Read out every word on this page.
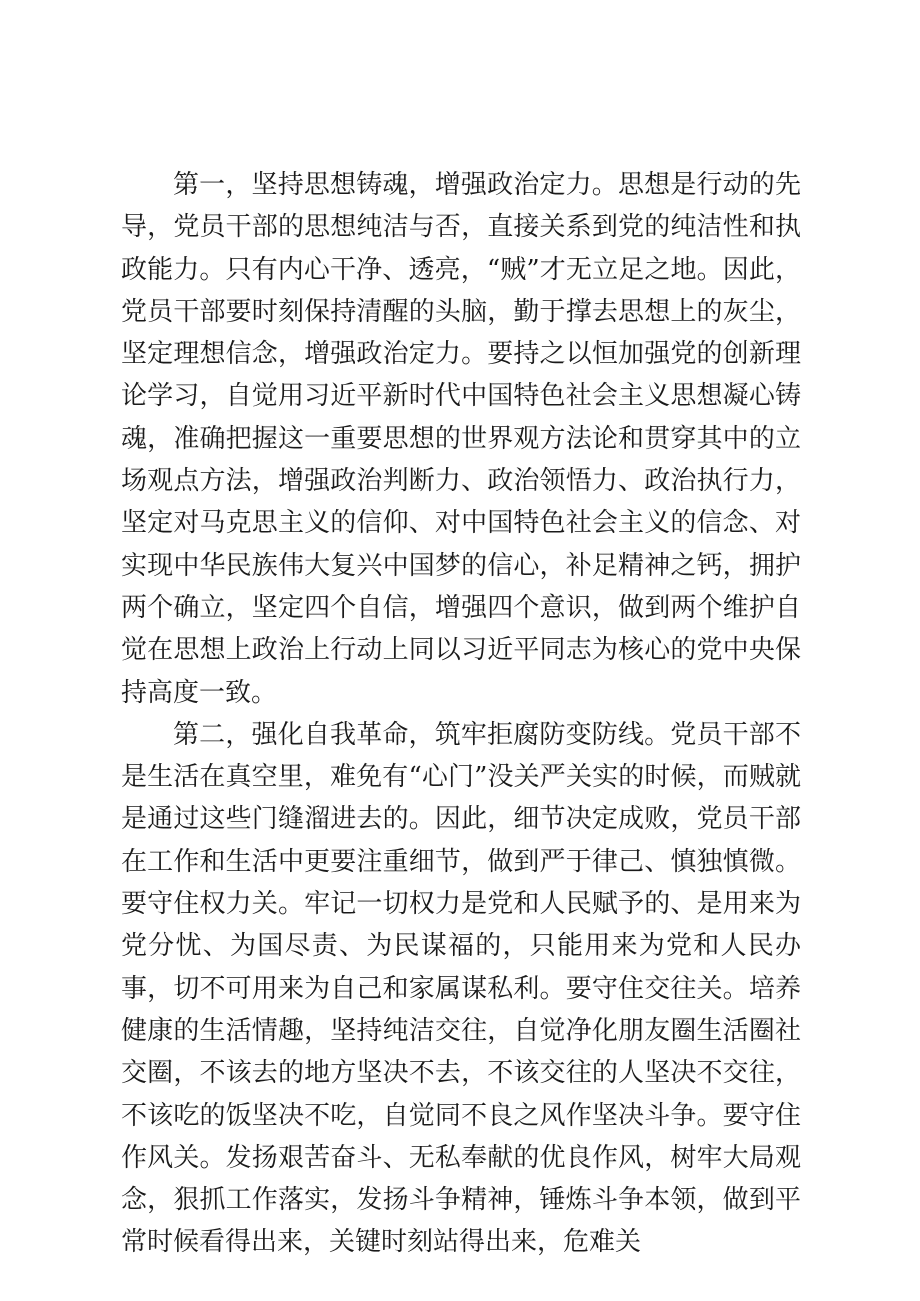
第一，坚持思想铸魂，增强政治定力。思想是行动的先导，党员干部的思想纯洁与否，直接关系到党的纯洁性和执政能力。只有内心干净、透亮，“贼”才无立足之地。因此，党员干部要时刻保持清醒的头脑，勤于撑去思想上的灰尘，坚定理想信念，增强政治定力。要持之以恒加强党的创新理论学习，自觉用习近平新时代中国特色社会主义思想凝心铸魂，准确把握这一重要思想的世界观方法论和贯穿其中的立场观点方法，增强政治判断力、政治领悟力、政治执行力，坚定对马克思主义的信仰、对中国特色社会主义的信念、对实现中华民族伟大复兴中国梦的信心，补足精神之钙，拥护两个确立，坚定四个自信，增强四个意识，做到两个维护自觉在思想上政治上行动上同以习近平同志为核心的党中央保持高度一致。

第二，强化自我革命，筑牢拒腐防变防线。党员干部不是生活在真空里，难免有“心门”没关严关实的时候，而贼就是通过这些门缝溜进去的。因此，细节决定成败，党员干部在工作和生活中更要注重细节，做到严于律己、慎独慎微。要守住权力关。牢记一切权力是党和人民赋予的、是用来为党分忧、为国尽责、为民谋福的，只能用来为党和人民办事，切不可用来为自己和家属谋私利。要守住交往关。培养健康的生活情趣，坚持纯洁交往，自觉净化朋友圈生活圈社交圈，不该去的地方坚决不去，不该交往的人坚决不交往，不该吃的饭坚决不吃，自觉同不良之风作坚决斗争。要守住作风关。发扬艰苦奋斗、无私奉献的优良作风，树牢大局观念，狠抓工作落实，发扬斗争精神，锤炼斗争本领，做到平常时候看得出来，关键时刻站得出来，危难关
